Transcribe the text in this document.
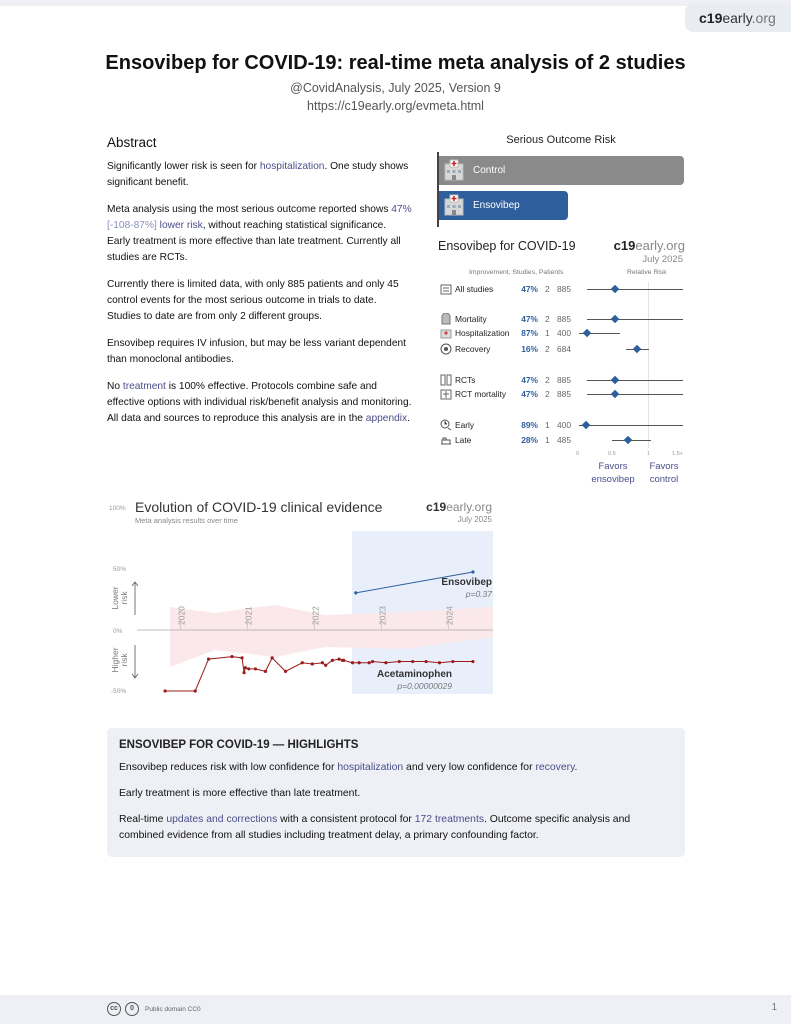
c19early.org
Ensovibep for COVID-19: real-time meta analysis of 2 studies
@CovidAnalysis, July 2025, Version 9
https://c19early.org/evmeta.html
Abstract

Significantly lower risk is seen for hospitalization. One study shows significant benefit.

Meta analysis using the most serious outcome reported shows 47% [-108‑87%] lower risk, without reaching statistical significance. Early treatment is more effective than late treatment. Currently all studies are RCTs.

Currently there is limited data, with only 885 patients and only 45 control events for the most serious outcome in trials to date. Studies to date are from only 2 different groups.

Ensovibep requires IV infusion, but may be less variant dependent than monoclonal antibodies.

No treatment is 100% effective. Protocols combine safe and effective options with individual risk/benefit analysis and monitoring. All data and sources to reproduce this analysis are in the appendix.

Serious Outcome Risk
Control
Ensovibep
Ensovibep for COVID-19	c19early.org
July 2025
Improvement, Studies, Patients	Relative Risk
All studies	47% 2 885
Mortality	47% 2 885
Hospitalization	87% 1 400
Recovery	16% 2 684
RCTs	47% 2 885
RCT mortality	47% 2 885
Early	89% 1 400
Late	28% 1 485
0	0.5	1	1.5+
Favors
ensovibep
Favors
control
100%
50%
0%
-50%
Evolution of COVID-19 clinical evidence
Meta analysis results over time
c19early.org
July 2025
Lower risk
Higher risk
2020	2021	2022	2023	2024
Ensovibep
p=0.37
Acetaminophen
p=0.00000029
ENSOVIBEP FOR COVID-19 — HIGHLIGHTS

Ensovibep reduces risk with low confidence for hospitalization and very low confidence for recovery.

Early treatment is more effective than late treatment.

Real-time updates and corrections with a consistent protocol for 172 treatments. Outcome specific analysis and combined evidence from all studies including treatment delay, a primary confounding factor.

cc	0	Public domain CC0	1
